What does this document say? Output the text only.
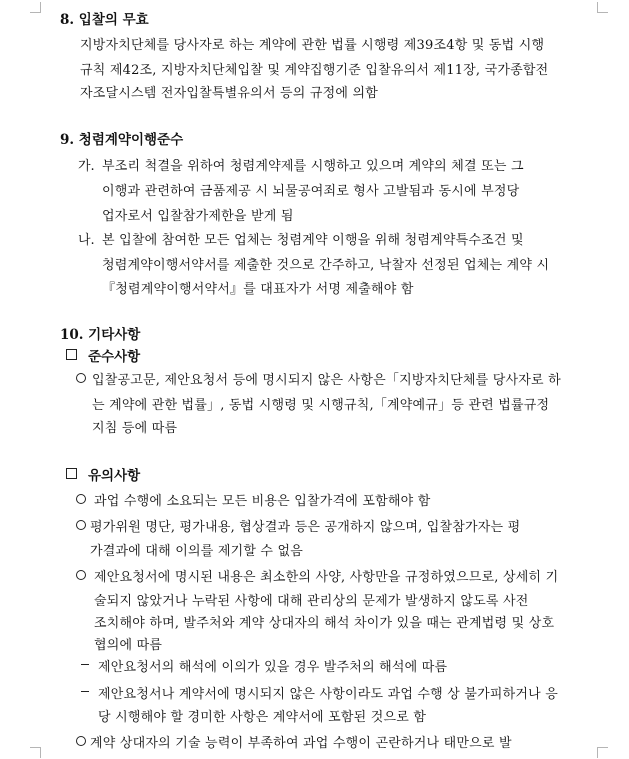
8. 입찰의 무효
지방자치단체를 당사자로 하는 계약에 관한 법률 시행령 제39조4항 및 동법 시행
규칙 제42조, 지방자치단체입찰 및 계약집행기준 입찰유의서 제11장, 국가종합전
자조달시스템 전자입찰특별유의서 등의 규정에 의함
9. 청렴계약이행준수
가. 부조리 척결을 위하여 청렴계약제를 시행하고 있으며 계약의 체결 또는 그
이행과 관련하여 금품제공 시 뇌물공여죄로 형사 고발됨과 동시에 부정당
업자로서 입찰참가제한을 받게 됨
나. 본 입찰에 참여한 모든 업체는 청렴계약 이행을 위해 청렴계약특수조건 및
청렴계약이행서약서를 제출한 것으로 간주하고, 낙찰자 선정된 업체는 계약 시
『청렴계약이행서약서』를 대표자가 서명 제출해야 함
10. 기타사항
준수사항
입찰공고문, 제안요청서 등에 명시되지 않은 사항은「지방자치단체를 당사자로 하
는 계약에 관한 법률」, 동법 시행령 및 시행규칙,「계약예규」등 관련 법률규정
지침 등에 따름
유의사항
과업 수행에 소요되는 모든 비용은 입찰가격에 포함해야 함
평가위원 명단, 평가내용, 협상결과 등은 공개하지 않으며, 입찰참가자는 평
가결과에 대해 이의를 제기할 수 없음
제안요청서에 명시된 내용은 최소한의 사양, 사항만을 규정하였으므로, 상세히 기
술되지 않았거나 누락된 사항에 대해 관리상의 문제가 발생하지 않도록 사전
조치해야 하며, 발주처와 계약 상대자의 해석 차이가 있을 때는 관계법령 및 상호
협의에 따름
제안요청서의 해석에 이의가 있을 경우 발주처의 해석에 따름
제안요청서나 계약서에 명시되지 않은 사항이라도 과업 수행 상 불가피하거나 응
당 시행해야 할 경미한 사항은 계약서에 포함된 것으로 함
계약 상대자의 기술 능력이 부족하여 과업 수행이 곤란하거나 태만으로 발
